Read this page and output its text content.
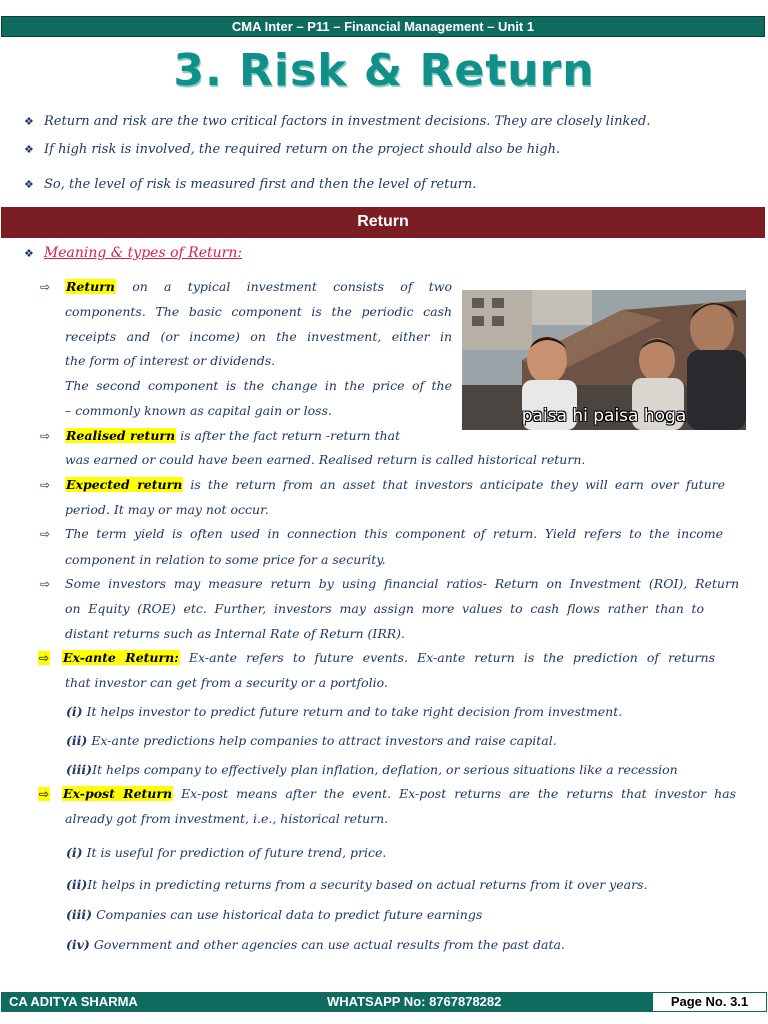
CMA Inter – P11 – Financial Management – Unit 1
3. Risk & Return
❖ Return and risk are the two critical factors in investment decisions. They are closely linked.
❖ If high risk is involved, the required return on the project should also be high.
❖ So, the level of risk is measured first and then the level of return.
Return
❖ Meaning & types of Return:
⇨ Return on a typical investment consists of two
components. The basic component is the periodic cash
receipts and (or income) on the investment, either in
the form of interest or dividends.
The second component is the change in the price of the
– commonly known as capital gain or loss.	paisa hi paisa hoga
⇨ Realised return is after the fact return -return that
was earned or could have been earned. Realised return is called historical return.
⇨ Expected return is the return from an asset that investors anticipate they will earn over future
period. It may or may not occur.
⇨ The term yield is often used in connection this component of return. Yield refers to the income
component in relation to some price for a security.
⇨ Some investors may measure return by using financial ratios- Return on Investment (ROI), Return
on Equity (ROE) etc. Further, investors may assign more values to cash flows rather than to
distant returns such as Internal Rate of Return (IRR).
⇨ Ex-ante Return: Ex-ante refers to future events. Ex-ante return is the prediction of returns
that investor can get from a security or a portfolio.
(i) It helps investor to predict future return and to take right decision from investment.
(ii) Ex-ante predictions help companies to attract investors and raise capital.
(iii)It helps company to effectively plan inflation, deflation, or serious situations like a recession
⇨ Ex-post Return Ex-post means after the event. Ex-post returns are the returns that investor has
already got from investment, i.e., historical return.
(i) It is useful for prediction of future trend, price.
(ii)It helps in predicting returns from a security based on actual returns from it over years.
(iii) Companies can use historical data to predict future earnings
(iv) Government and other agencies can use actual results from the past data.
CA ADITYA SHARMA	WHATSAPP No: 8767878282	Page No. 3.1
